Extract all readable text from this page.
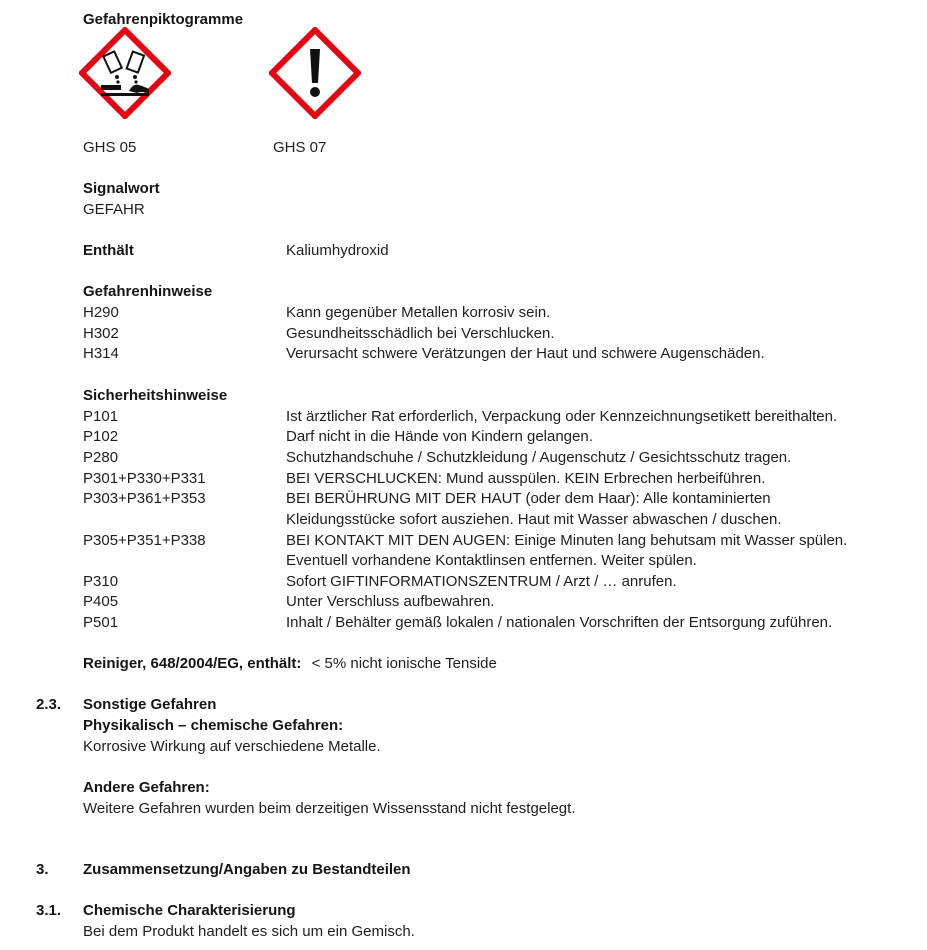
Gefahrenpiktogramme
GHS 05	GHS 07
Signalwort
GEFAHR
Enthält	Kaliumhydroxid
Gefahrenhinweise
H290	Kann gegenüber Metallen korrosiv sein.
H302	Gesundheitsschädlich bei Verschlucken.
H314	Verursacht schwere Verätzungen der Haut und schwere Augenschäden.
Sicherheitshinweise
P101	Ist ärztlicher Rat erforderlich, Verpackung oder Kennzeichnungsetikett bereithalten.
P102	Darf nicht in die Hände von Kindern gelangen.
P280	Schutzhandschuhe / Schutzkleidung / Augenschutz / Gesichtsschutz tragen.
P301+P330+P331	BEI VERSCHLUCKEN: Mund ausspülen. KEIN Erbrechen herbeiführen.
P303+P361+P353	BEI BERÜHRUNG MIT DER HAUT (oder dem Haar): Alle kontaminierten
Kleidungsstücke sofort ausziehen. Haut mit Wasser abwaschen / duschen.
P305+P351+P338	BEI KONTAKT MIT DEN AUGEN: Einige Minuten lang behutsam mit Wasser spülen.
Eventuell vorhandene Kontaktlinsen entfernen. Weiter spülen.
P310	Sofort GIFTINFORMATIONSZENTRUM / Arzt / … anrufen.
P405	Unter Verschluss aufbewahren.
P501	Inhalt / Behälter gemäß lokalen / nationalen Vorschriften der Entsorgung zuführen.
Reiniger, 648/2004/EG, enthält: < 5% nicht ionische Tenside
2.3. Sonstige Gefahren
Physikalisch – chemische Gefahren:
Korrosive Wirkung auf verschiedene Metalle.
Andere Gefahren:
Weitere Gefahren wurden beim derzeitigen Wissensstand nicht festgelegt.
3. Zusammensetzung/Angaben zu Bestandteilen
3.1. Chemische Charakterisierung
Bei dem Produkt handelt es sich um ein Gemisch.
